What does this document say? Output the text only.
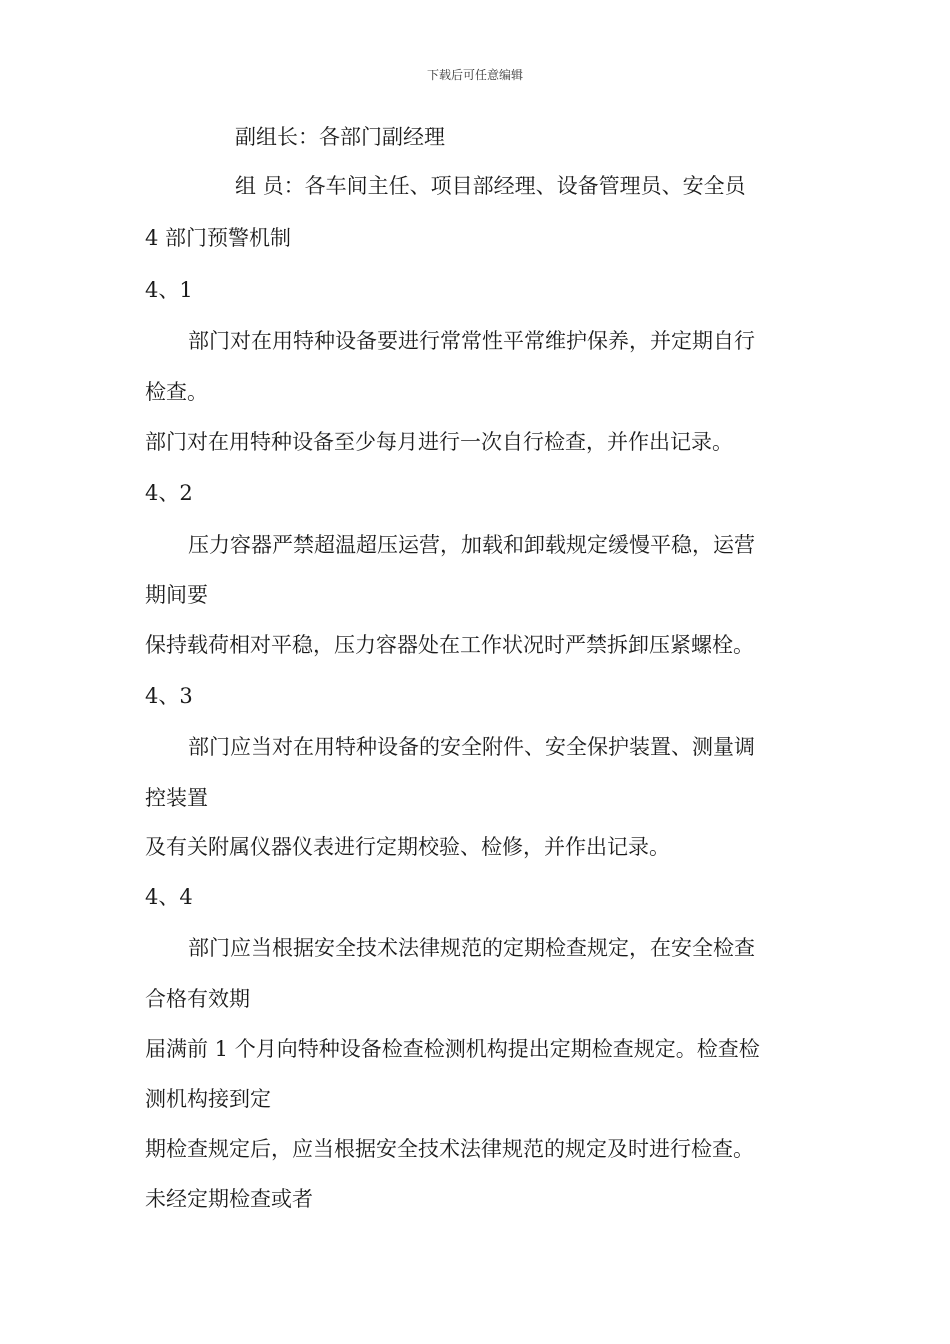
下载后可任意编辑
副组长：各部门副经理
组 员：各车间主任、项目部经理、设备管理员、安全员
4 部门预警机制
4、1
部门对在用特种设备要进行常常性平常维护保养，并定期自行
检查。
部门对在用特种设备至少每月进行一次自行检查，并作出记录。
4、2
压力容器严禁超温超压运营，加载和卸载规定缓慢平稳，运营
期间要
保持载荷相对平稳，压力容器处在工作状况时严禁拆卸压紧螺栓。
4、3
部门应当对在用特种设备的安全附件、安全保护装置、测量调
控装置
及有关附属仪器仪表进行定期校验、检修，并作出记录。
4、4
部门应当根据安全技术法律规范的定期检查规定，在安全检查
合格有效期
届满前 1 个月向特种设备检查检测机构提出定期检查规定。检查检
测机构接到定
期检查规定后，应当根据安全技术法律规范的规定及时进行检查。
未经定期检查或者
